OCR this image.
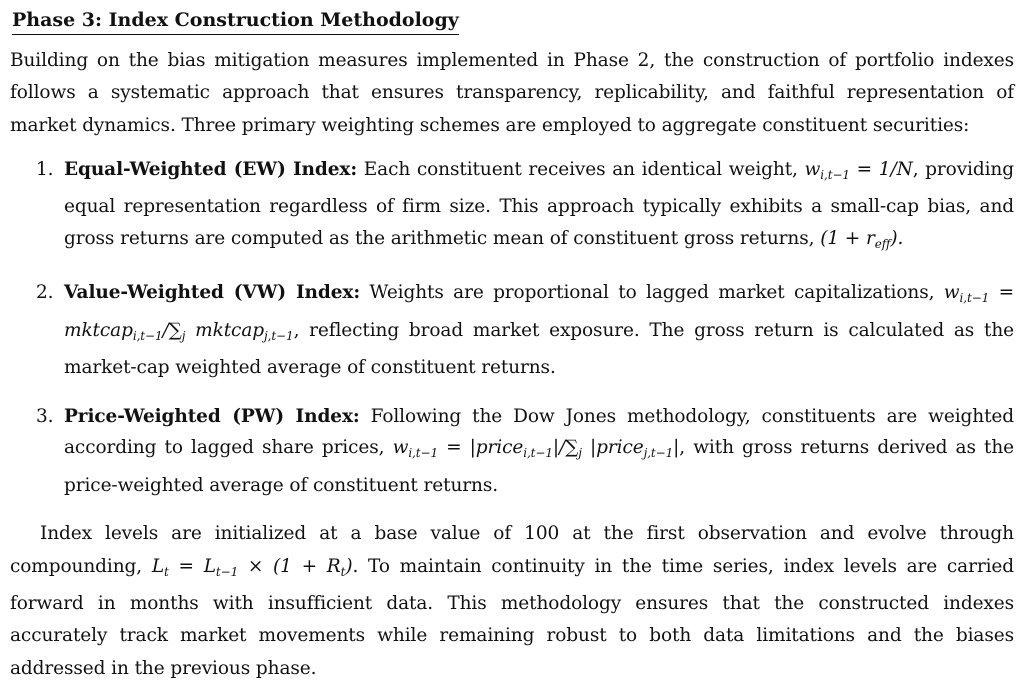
Phase 3: Index Construction Methodology

Building on the bias mitigation measures implemented in Phase 2, the construction of portfolio indexes follows a systematic approach that ensures transparency, replicability, and faithful representation of market dynamics. Three primary weighting schemes are employed to aggregate constituent securities:

1. Equal-Weighted (EW) Index: Each constituent receives an identical weight, $w_{i,t-1} = 1/N$, providing equal representation regardless of firm size. This approach typically exhibits a small-cap bias, and gross returns are computed as the arithmetic mean of constituent gross returns, $(1 + r_{eff})$.
2. Value-Weighted (VW) Index: Weights are proportional to lagged market capitalizations, $w_{i,t-1}$ = $mktcap_{i,t-1}/\sum_j$ mktcap$_{j,t-1}$, reflecting broad market exposure. The gross return is calculated as the market-cap weighted average of constituent returns.
3. Price-Weighted (PW) Index: Following the Dow Jones methodology, constituents are weighted according to lagged share prices, $w_{i,t-1}$ = $|price_{i,t-1}|/\sum_j$ |price$_{j,t-1}$|, with gross returns derived as the price-weighted average of constituent returns.

Index levels are initialized at a base value of 100 at the first observation and evolve through compounding, $L_t = L_{t-1} \times (1 + R_t)$. To maintain continuity in the time series, index levels are carried forward in months with insufficient data. This methodology ensures that the constructed indexes accurately track market movements while remaining robust to both data limitations and the biases addressed in the previous phase.
